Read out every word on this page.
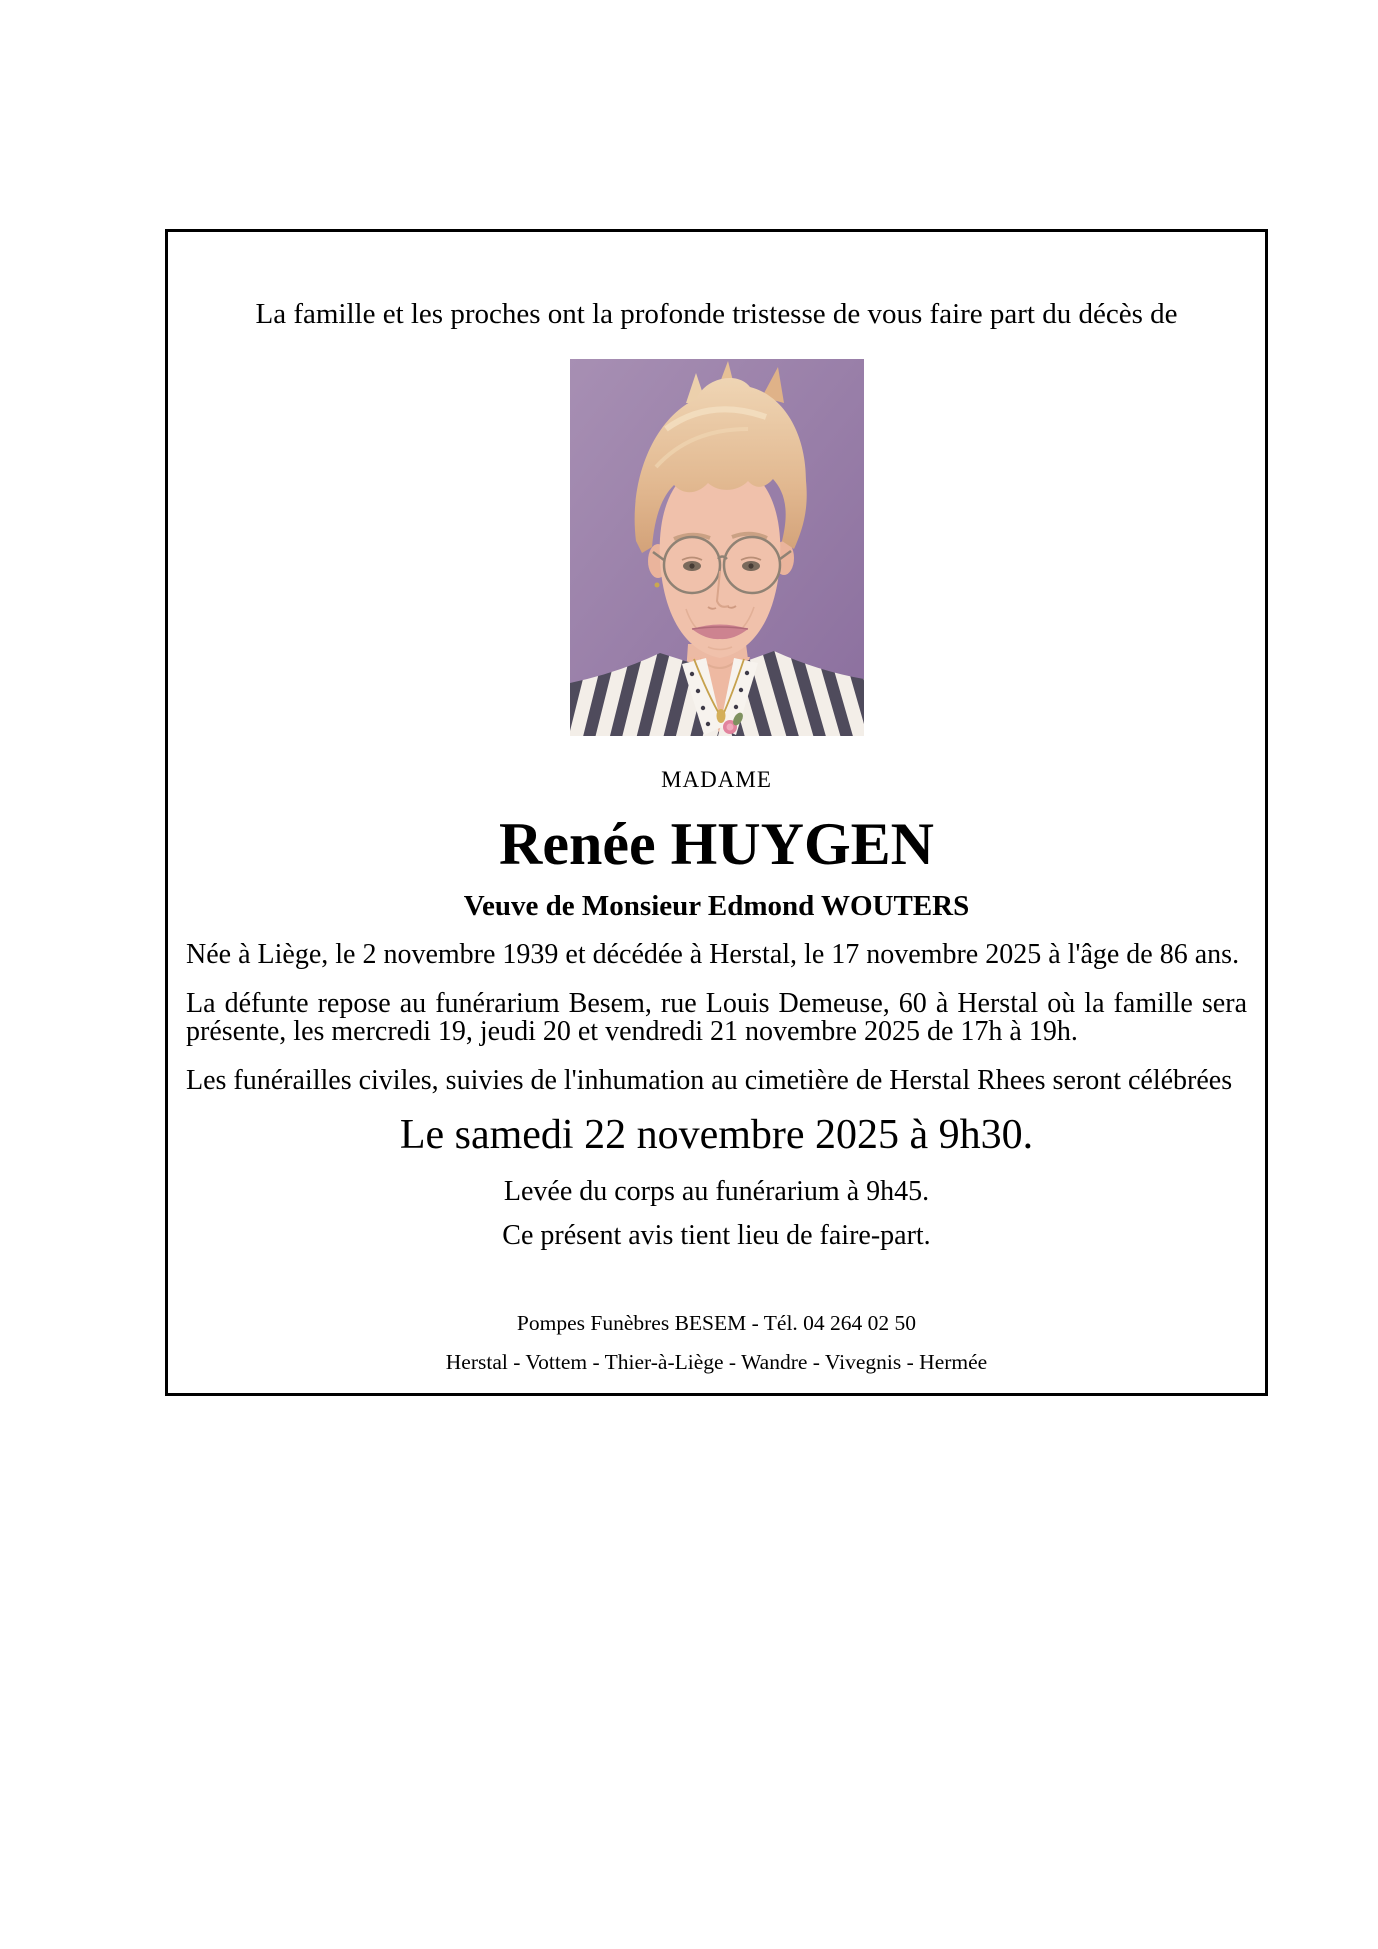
La famille et les proches ont la profonde tristesse de vous faire part du décès de

MADAME

Renée HUYGEN

Veuve de Monsieur Edmond WOUTERS

Née à Liège, le 2 novembre 1939 et décédée à Herstal, le 17 novembre 2025 à l'âge de 86 ans.

La défunte repose au funérarium Besem, rue Louis Demeuse, 60 à Herstal où la famille sera présente, les mercredi 19, jeudi 20 et vendredi 21 novembre 2025 de 17h à 19h.

Les funérailles civiles, suivies de l'inhumation au cimetière de Herstal Rhees seront célébrées

Le samedi 22 novembre 2025 à 9h30.

Levée du corps au funérarium à 9h45.

Ce présent avis tient lieu de faire-part.

Pompes Funèbres BESEM - Tél. 04 264 02 50

Herstal - Vottem - Thier-à-Liège - Wandre - Vivegnis - Hermée
